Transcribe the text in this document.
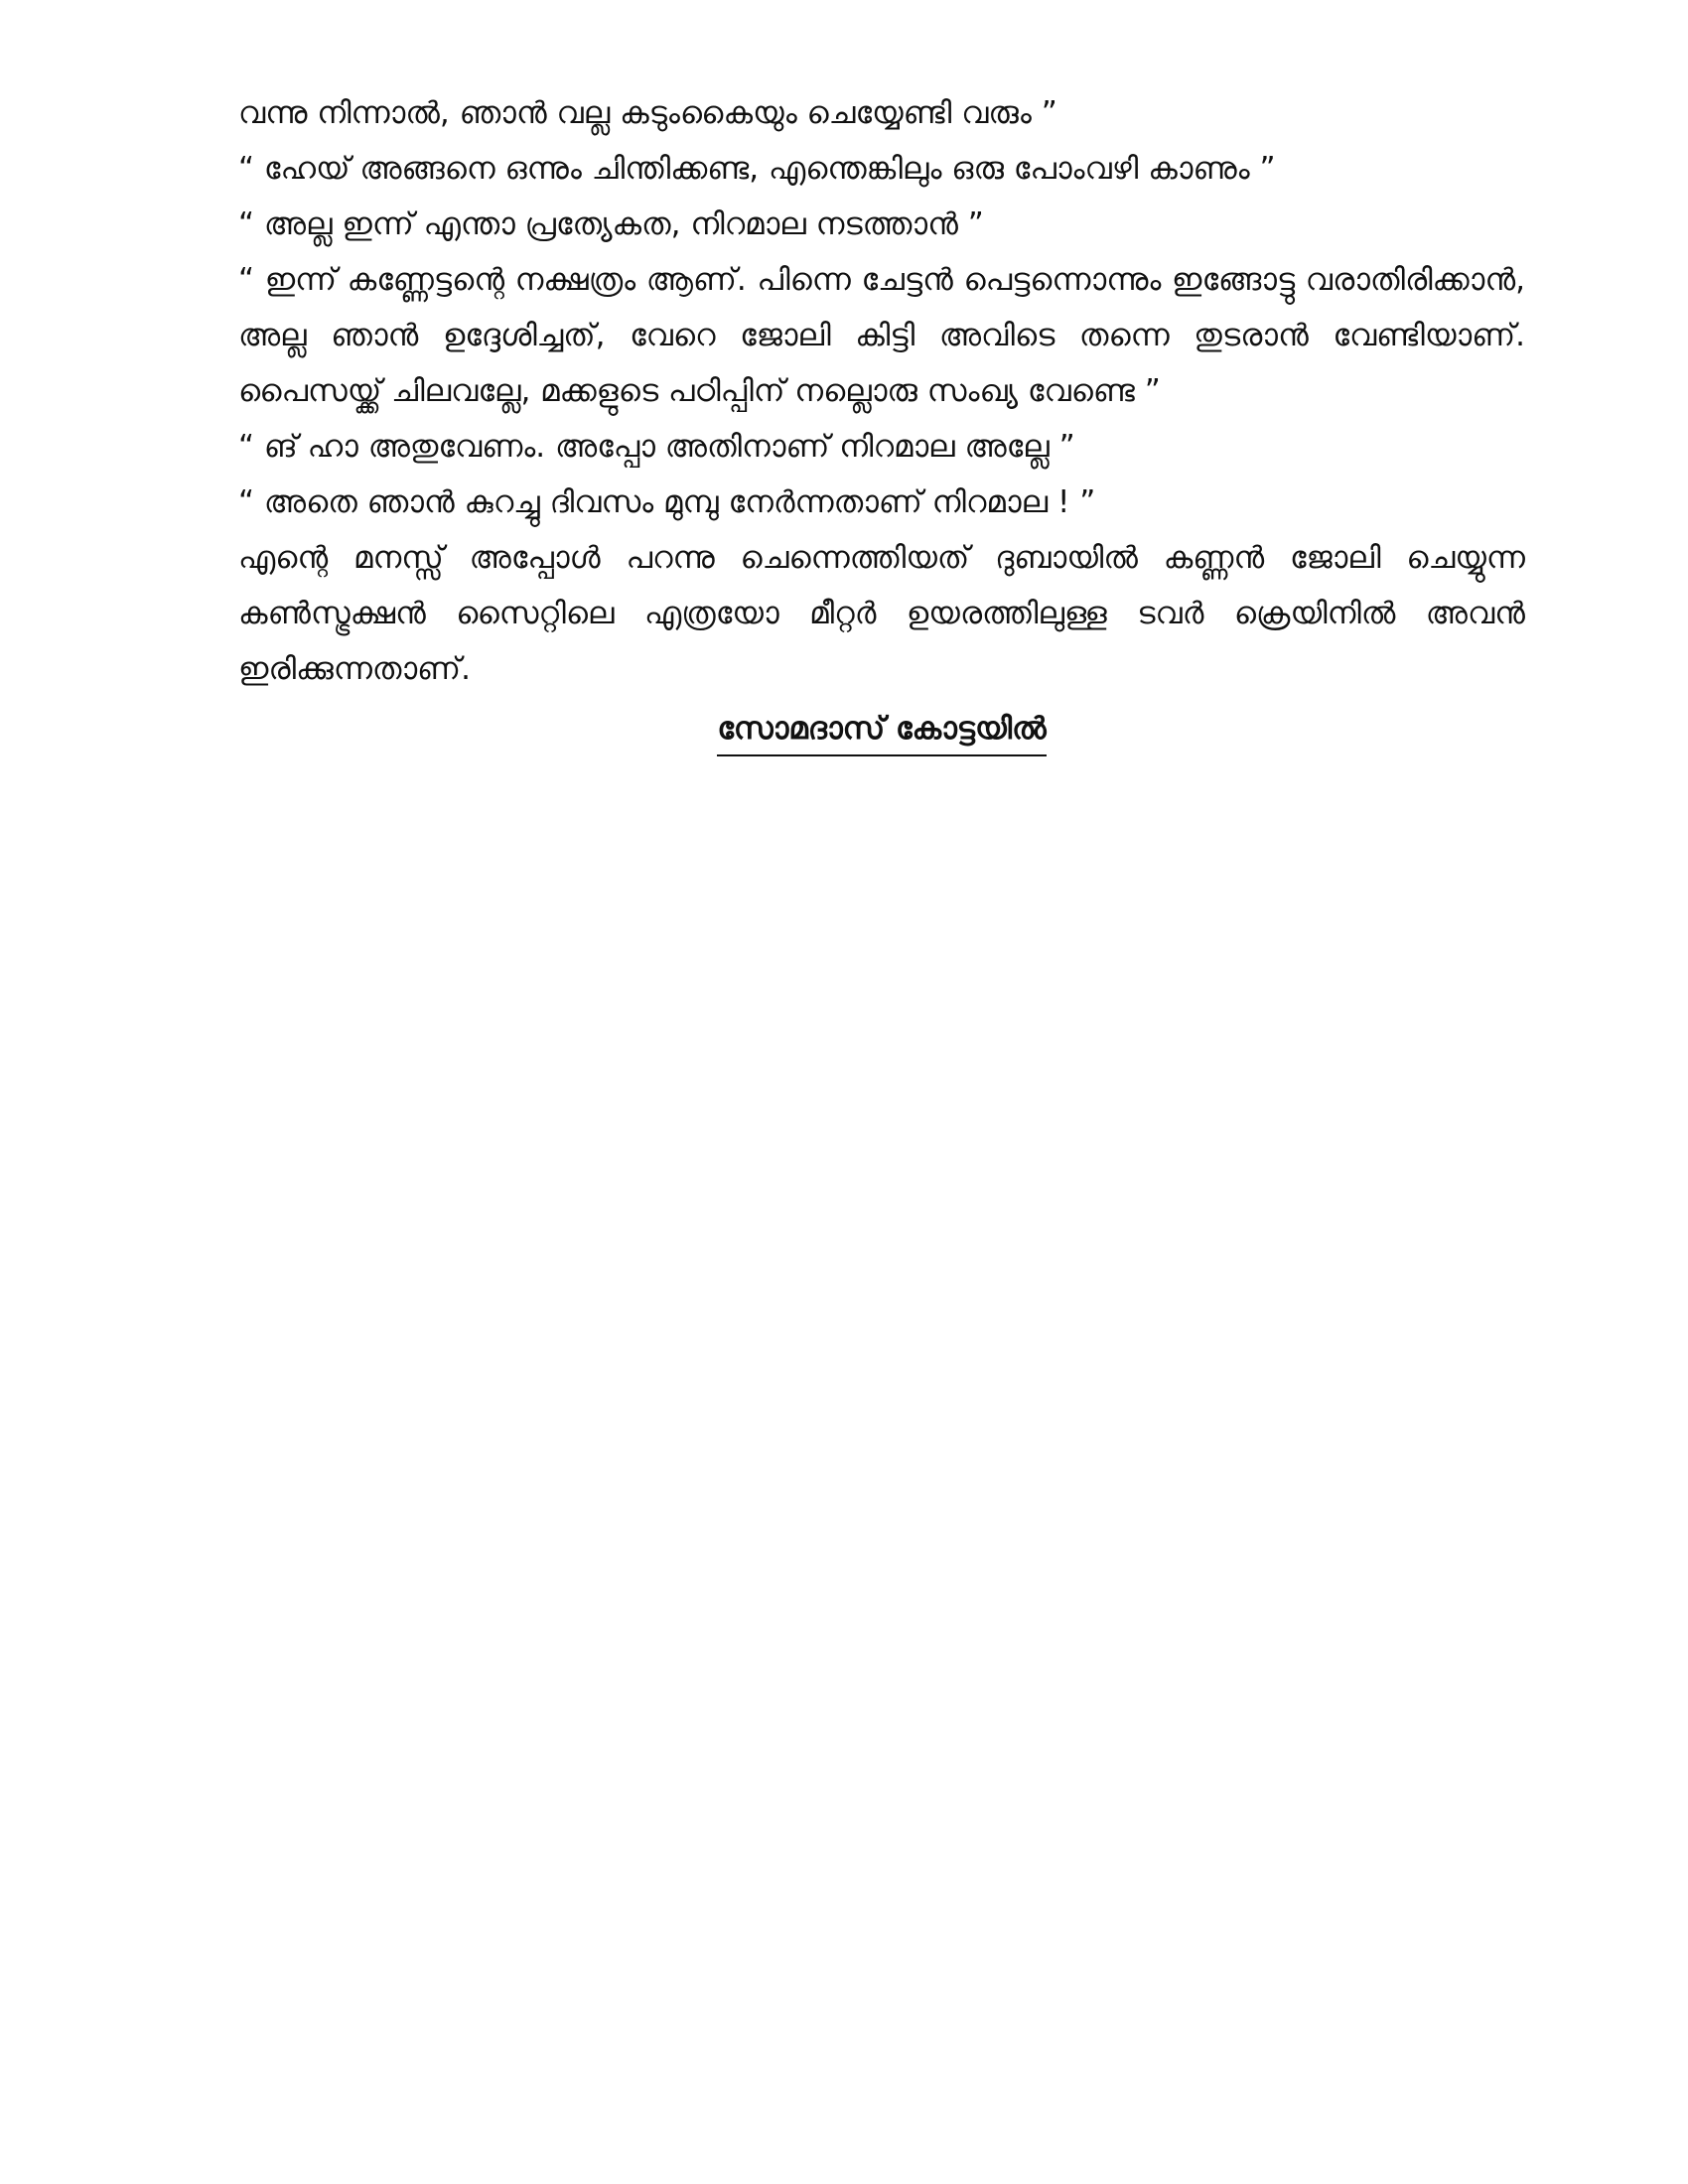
വന്നു നിന്നാൽ, ഞാൻ വല്ല കടുംകൈയും ചെയ്യേണ്ടി വരും ”

“ ഹേയ് അങ്ങനെ ഒന്നും ചിന്തിക്കണ്ട, എന്തെങ്കിലും ഒരു പോംവഴി കാണും ”

“ അല്ല ഇന്ന് എന്താ പ്രത്യേകത, നിറമാല നടത്താൻ ”

“ ഇന്ന് കണ്ണേട്ടന്റെ നക്ഷത്രം ആണ്. പിന്നെ ചേട്ടൻ പെട്ടന്നൊന്നും ഇങ്ങോട്ടു വരാതിരിക്കാൻ, അല്ല ഞാൻ ഉദ്ദേശിച്ചത്, വേറെ ജോലി കിട്ടി അവിടെ തന്നെ തുടരാൻ വേണ്ടിയാണ്. പൈസയ്ക്ക് ചിലവല്ലേ, മക്കളുടെ പഠിപ്പിന് നല്ലൊരു സംഖ്യ വേണ്ടെ ”

“ ങ് ഹാ അതുവേണം. അപ്പോ അതിനാണ് നിറമാല അല്ലേ ”

“ അതെ ഞാൻ കുറച്ചു ദിവസം മുമ്പു നേർന്നതാണ് നിറമാല ! ”

എന്റെ മനസ്സ് അപ്പോൾ പറന്നു ചെന്നെത്തിയത് ദുബായിൽ കണ്ണൻ ജോലി ചെയ്യുന്ന കൺസ്ട്രക്ഷൻ സൈറ്റിലെ എത്രയോ മീറ്റർ ഉയരത്തിലുള്ള ടവർ ക്രെയിനിൽ അവൻ ഇരിക്കുന്നതാണ്.

സോമദാസ് കോട്ടയിൽ
